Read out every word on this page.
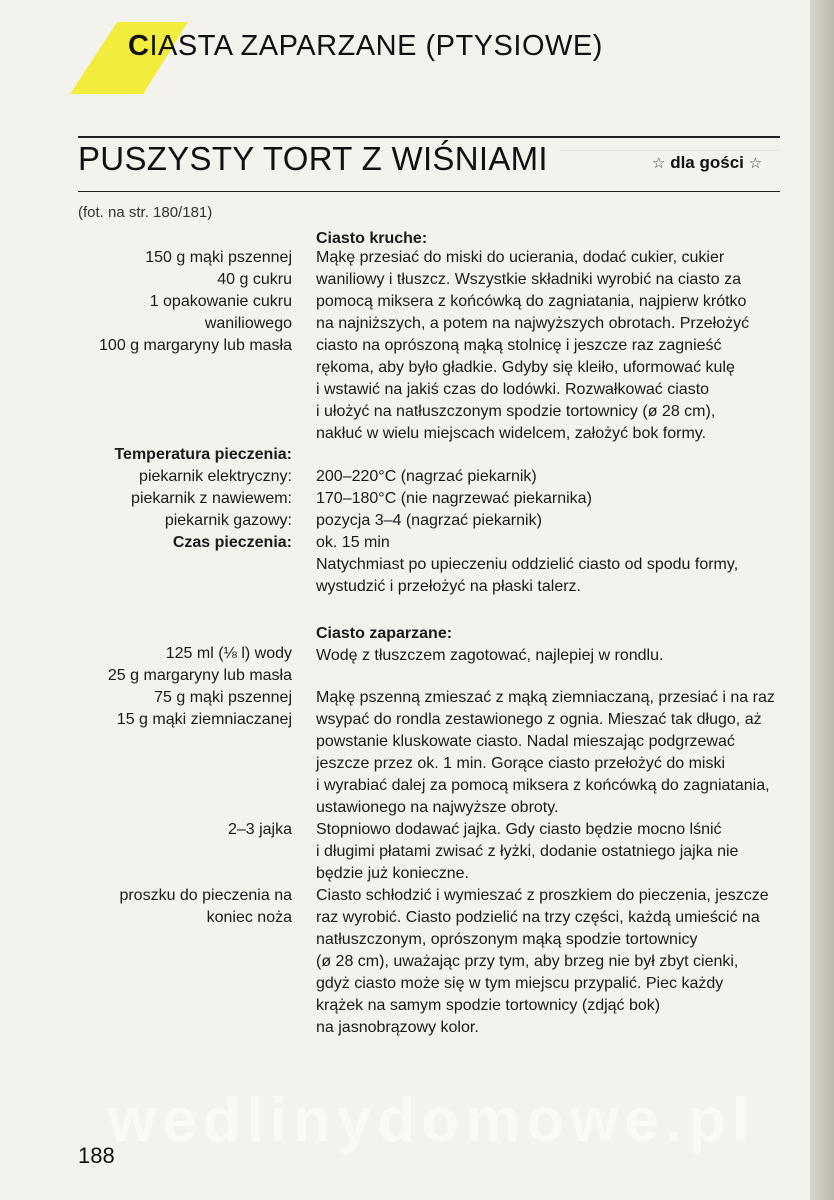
CIASTA ZAPARZANE (PTYSIOWE)
PUSZYSTY TORT Z WIŚNIAMI	☆ dla gości ☆
(fot. na str. 180/181)
Ciasto kruche:
150 g mąki pszennej
40 g cukru
1 opakowanie cukru
waniliowego
100 g margaryny lub masła
Mąkę przesiać do miski do ucierania, dodać cukier, cukier
waniliowy i tłuszcz. Wszystkie składniki wyrobić na ciasto za
pomocą miksera z końcówką do zagniatania, najpierw krótko
na najniższych, a potem na najwyższych obrotach. Przełożyć
ciasto na oprószoną mąką stolnicę i jeszcze raz zagnieść
rękoma, aby było gładkie. Gdyby się kleiło, uformować kulę
i wstawić na jakiś czas do lodówki. Rozwałkować ciasto
i ułożyć na natłuszczonym spodzie tortownicy (ø 28 cm),
nakłuć w wielu miejscach widelcem, założyć bok formy.
Temperatura pieczenia:
piekarnik elektryczny:
piekarnik z nawiewem:
piekarnik gazowy:
Czas pieczenia:
200–220°C (nagrzać piekarnik)
170–180°C (nie nagrzewać piekarnika)
pozycja 3–4 (nagrzać piekarnik)
ok. 15 min
Natychmiast po upieczeniu oddzielić ciasto od spodu formy,
wystudzić i przełożyć na płaski talerz.
Ciasto zaparzane:
125 ml (⅛ l) wody
25 g margaryny lub masła
Wodę z tłuszczem zagotować, najlepiej w rondlu.
75 g mąki pszennej
15 g mąki ziemniaczanej
Mąkę pszenną zmieszać z mąką ziemniaczaną, przesiać i na raz
wsypać do rondla zestawionego z ognia. Mieszać tak długo, aż
powstanie kluskowate ciasto. Nadal mieszając podgrzewać
jeszcze przez ok. 1 min. Gorące ciasto przełożyć do miski
i wyrabiać dalej za pomocą miksera z końcówką do zagniatania,
ustawionego na najwyższe obroty.
2–3 jajka Stopniowo dodawać jajka. Gdy ciasto będzie mocno lśnić
i długimi płatami zwisać z łyżki, dodanie ostatniego jajka nie
będzie już konieczne.
proszku do pieczenia na
koniec noża
Ciasto schłodzić i wymieszać z proszkiem do pieczenia, jeszcze
raz wyrobić. Ciasto podzielić na trzy części, każdą umieścić na
natłuszczonym, oprószonym mąką spodzie tortownicy
(ø 28 cm), uważając przy tym, aby brzeg nie był zbyt cienki,
gdyż ciasto może się w tym miejscu przypalić. Piec każdy
krążek na samym spodzie tortownicy (zdjąć bok)
na jasnobrązowy kolor.
wedlinydomowe.pl
188
